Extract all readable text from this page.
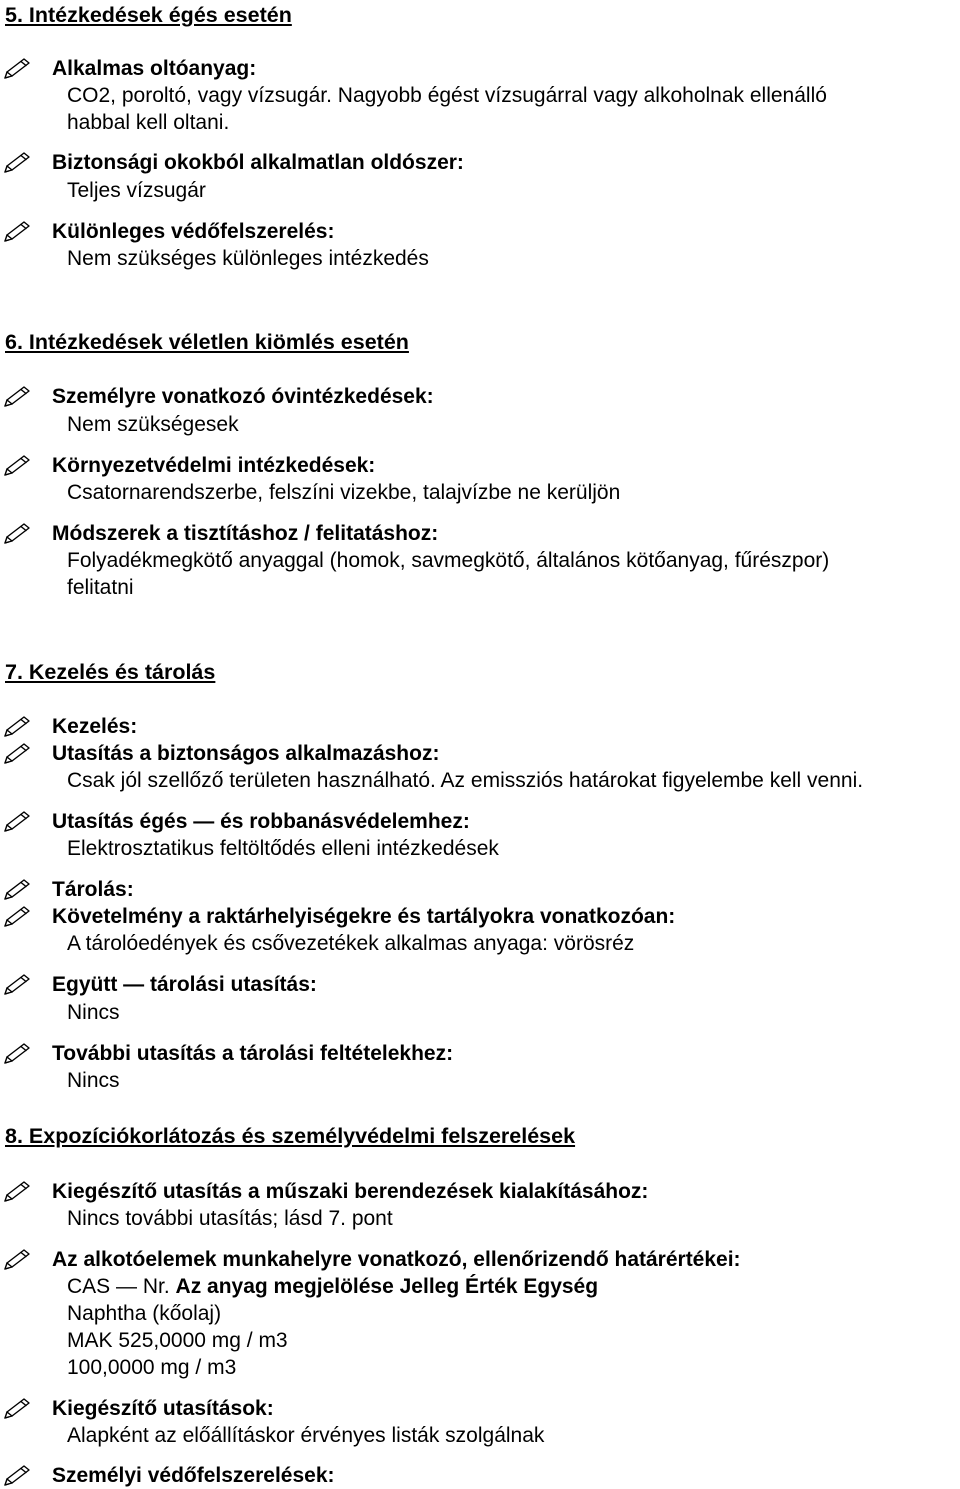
5. Intézkedések égés esetén
Alkalmas oltóanyag:
CO2, poroltó, vagy vízsugár. Nagyobb égést vízsugárral vagy alkoholnak ellenálló
habbal kell oltani.
Biztonsági okokból alkalmatlan oldószer:
Teljes vízsugár
Különleges védőfelszerelés:
Nem szükséges különleges intézkedés
6. Intézkedések véletlen kiömlés esetén
Személyre vonatkozó óvintézkedések:
Nem szükségesek
Környezetvédelmi intézkedések:
Csatornarendszerbe, felszíni vizekbe, talajvízbe ne kerüljön
Módszerek a tisztításhoz / felitatáshoz:
Folyadékmegkötő anyaggal (homok, savmegkötő, általános kötőanyag, fűrészpor)
felitatni
7. Kezelés és tárolás
Kezelés:
Utasítás a biztonságos alkalmazáshoz:
Csak jól szellőző területen használható. Az emissziós határokat figyelembe kell venni.
Utasítás égés — és robbanásvédelemhez:
Elektrosztatikus feltöltődés elleni intézkedések
Tárolás:
Követelmény a raktárhelyiségekre és tartályokra vonatkozóan:
A tárolóedények és csővezetékek alkalmas anyaga: vörösréz
Együtt — tárolási utasítás:
Nincs
További utasítás a tárolási feltételekhez:
Nincs
8. Expozíciókorlátozás és személyvédelmi felszerelések
Kiegészítő utasítás a műszaki berendezések kialakításához:
Nincs további utasítás; lásd 7. pont
Az alkotóelemek munkahelyre vonatkozó, ellenőrizendő határértékei:
CAS — Nr. Az anyag megjelölése Jelleg Érték Egység
Naphtha (kőolaj)
MAK 525,0000 mg / m3
100,0000 mg / m3
Kiegészítő utasítások:
Alapként az előállításkor érvényes listák szolgálnak
Személyi védőfelszerelések:
